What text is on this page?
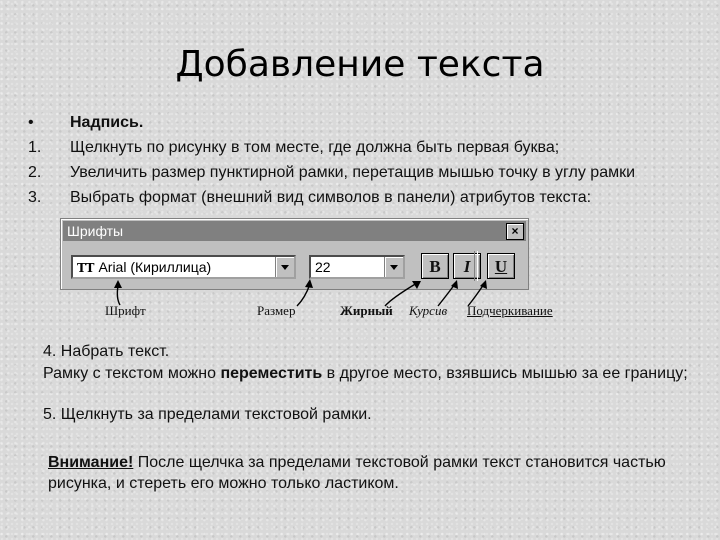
Добавление текста
•	Надпись.
1.	Щелкнуть по рисунку в том месте, где должна быть первая буква;
2.	Увеличить размер пунктирной рамки, перетащив мышью точку в углу рамки
3.	Выбрать формат (внешний вид символов в панели) атрибутов текста:
Шрифты	×
TT Arial (Кириллица)	22	B	I	U
Шрифт	Размер	Жирный Курсив Подчеркивание
4. Набрать текст.
Рамку с текстом можно переместить в другое место, взявшись мышью за ее границу;
5. Щелкнуть за пределами текстовой рамки.
Внимание! После щелчка за пределами текстовой рамки текст становится частью рисунка, и стереть его можно только ластиком.
